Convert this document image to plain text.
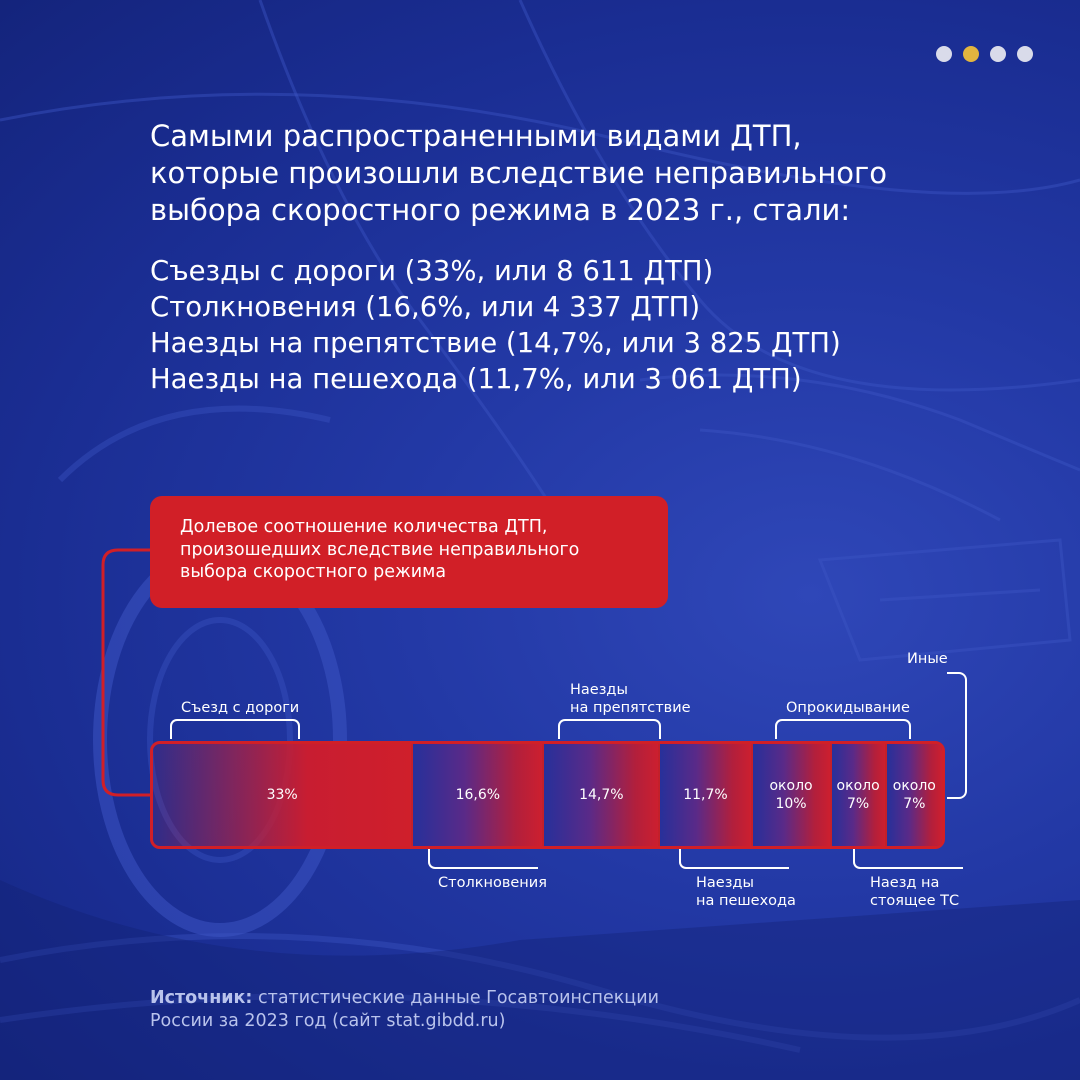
Самыми распространенными видами ДТП,
которые произошли вследствие неправильного
выбора скоростного режима в 2023 г., стали:
Съезды с дороги (33%, или 8 611 ДТП)
Столкновения (16,6%, или 4 337 ДТП)
Наезды на препятствие (14,7%, или 3 825 ДТП)
Наезды на пешехода (11,7%, или 3 061 ДТП)
Долевое соотношение количества ДТП,
произошедших вследствие неправильного
выбора скоростного режима
33%	16,6%	14,7%	11,7%
около 10%
около 7%
около 7%
Съезд с дороги
Столкновения
Наезды
на препятствие
Наезды
на пешехода
Опрокидывание
Наезд на
стоящее ТС
Иные

Источник: статистические данные Госавтоинспекции
России за 2023 год (сайт stat.gibdd.ru)
